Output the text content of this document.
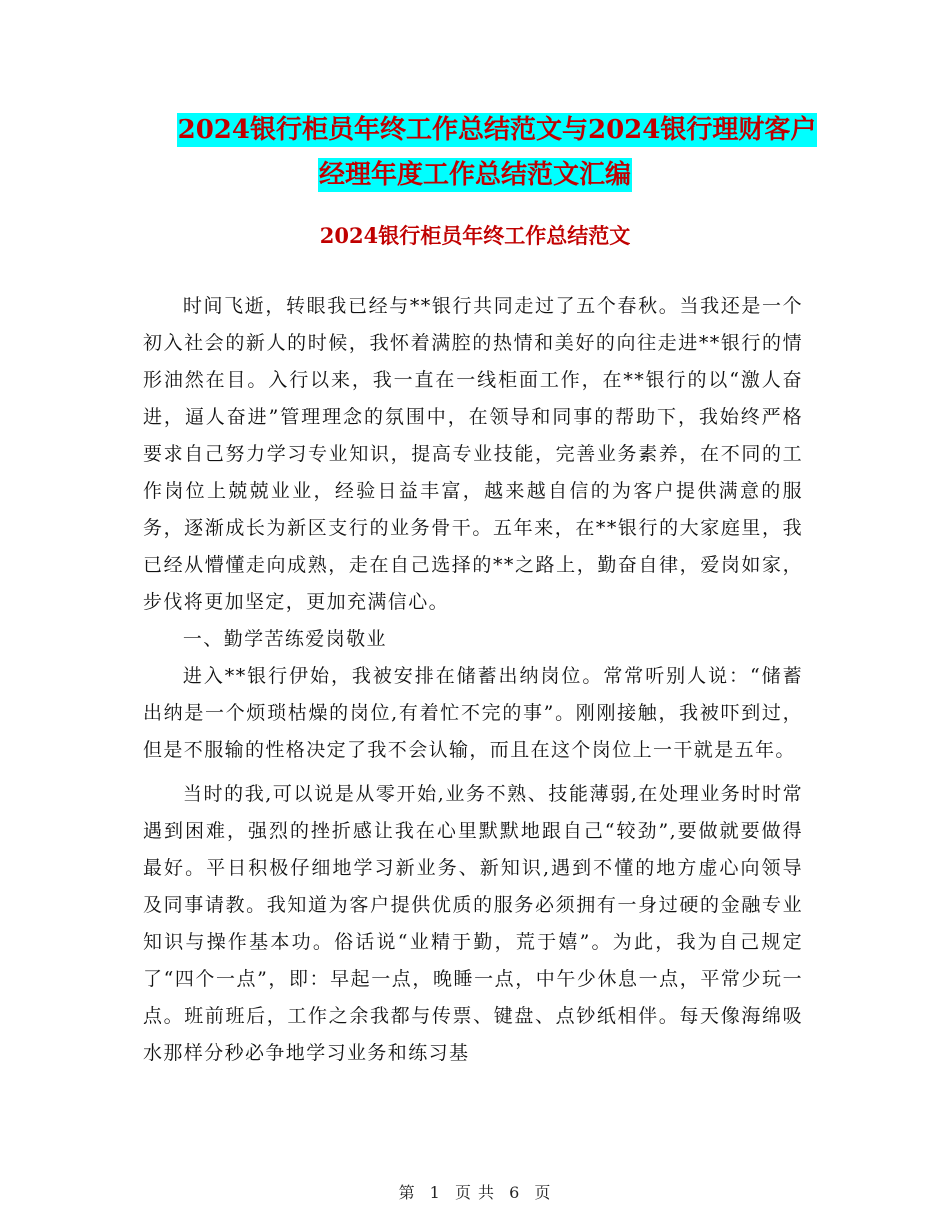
2024银行柜员年终工作总结范文与2024银行理财客户
经理年度工作总结范文汇编
2024银行柜员年终工作总结范文

时间飞逝，转眼我已经与**银行共同走过了五个春秋。当我还是一个初入社会的新人的时候，我怀着满腔的热情和美好的向往走进**银行的情形油然在目。入行以来，我一直在一线柜面工作，在**银行的以“激人奋进，逼人奋进”管理理念的氛围中，在领导和同事的帮助下，我始终严格要求自己努力学习专业知识，提高专业技能，完善业务素养，在不同的工作岗位上兢兢业业，经验日益丰富，越来越自信的为客户提供满意的服务，逐渐成长为新区支行的业务骨干。五年来，在**银行的大家庭里，我已经从懵懂走向成熟，走在自己选择的**之路上，勤奋自律，爱岗如家，步伐将更加坚定，更加充满信心。

一、勤学苦练爱岗敬业

进入**银行伊始，我被安排在储蓄出纳岗位。常常听别人说：“储蓄出纳是一个烦琐枯燥的岗位,有着忙不完的事”。刚刚接触，我被吓到过，但是不服输的性格决定了我不会认输，而且在这个岗位上一干就是五年。

当时的我,可以说是从零开始,业务不熟、技能薄弱,在处理业务时时常遇到困难，强烈的挫折感让我在心里默默地跟自己“较劲”,要做就要做得最好。平日积极仔细地学习新业务、新知识,遇到不懂的地方虚心向领导及同事请教。我知道为客户提供优质的服务必须拥有一身过硬的金融专业知识与操作基本功。俗话说“业精于勤，荒于嬉”。为此，我为自己规定了“四个一点”，即：早起一点，晚睡一点，中午少休息一点，平常少玩一点。班前班后，工作之余我都与传票、键盘、点钞纸相伴。每天像海绵吸水那样分秒必争地学习业务和练习基

第 1 页 共 6 页
